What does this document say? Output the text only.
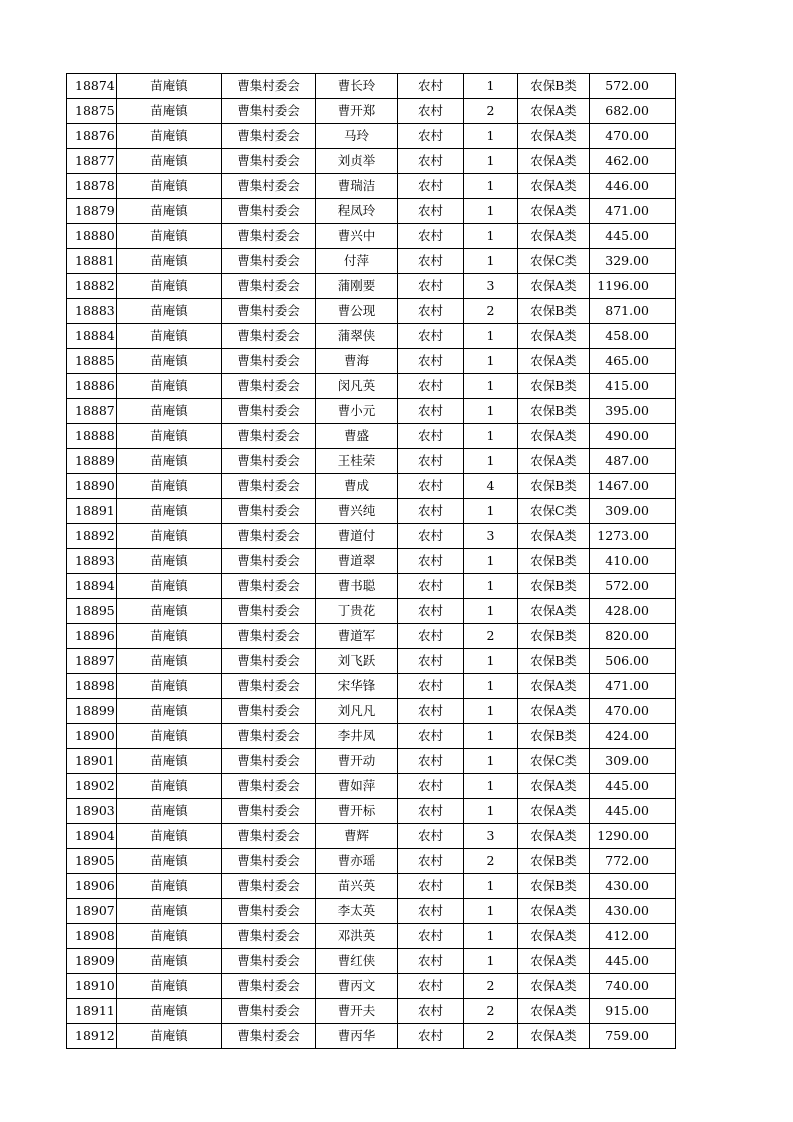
18874	苗庵镇	曹集村委会	曹长玲	农村	1	农保B类	572.00
18875	苗庵镇	曹集村委会	曹开郑	农村	2	农保A类	682.00
18876	苗庵镇	曹集村委会	马玲	农村	1	农保A类	470.00
18877	苗庵镇	曹集村委会	刘贞举	农村	1	农保A类	462.00
18878	苗庵镇	曹集村委会	曹瑞洁	农村	1	农保A类	446.00
18879	苗庵镇	曹集村委会	程凤玲	农村	1	农保A类	471.00
18880	苗庵镇	曹集村委会	曹兴中	农村	1	农保A类	445.00
18881	苗庵镇	曹集村委会	付萍	农村	1	农保C类	329.00
18882	苗庵镇	曹集村委会	蒲刚要	农村	3	农保A类	1196.00
18883	苗庵镇	曹集村委会	曹公现	农村	2	农保B类	871.00
18884	苗庵镇	曹集村委会	蒲翠侠	农村	1	农保A类	458.00
18885	苗庵镇	曹集村委会	曹海	农村	1	农保A类	465.00
18886	苗庵镇	曹集村委会	闵凡英	农村	1	农保B类	415.00
18887	苗庵镇	曹集村委会	曹小元	农村	1	农保B类	395.00
18888	苗庵镇	曹集村委会	曹盛	农村	1	农保A类	490.00
18889	苗庵镇	曹集村委会	王桂荣	农村	1	农保A类	487.00
18890	苗庵镇	曹集村委会	曹成	农村	4	农保B类	1467.00
18891	苗庵镇	曹集村委会	曹兴纯	农村	1	农保C类	309.00
18892	苗庵镇	曹集村委会	曹道付	农村	3	农保A类	1273.00
18893	苗庵镇	曹集村委会	曹道翠	农村	1	农保B类	410.00
18894	苗庵镇	曹集村委会	曹书聪	农村	1	农保B类	572.00
18895	苗庵镇	曹集村委会	丁贵花	农村	1	农保A类	428.00
18896	苗庵镇	曹集村委会	曹道军	农村	2	农保B类	820.00
18897	苗庵镇	曹集村委会	刘飞跃	农村	1	农保B类	506.00
18898	苗庵镇	曹集村委会	宋华锋	农村	1	农保A类	471.00
18899	苗庵镇	曹集村委会	刘凡凡	农村	1	农保A类	470.00
18900	苗庵镇	曹集村委会	李井凤	农村	1	农保B类	424.00
18901	苗庵镇	曹集村委会	曹开动	农村	1	农保C类	309.00
18902	苗庵镇	曹集村委会	曹如萍	农村	1	农保A类	445.00
18903	苗庵镇	曹集村委会	曹开标	农村	1	农保A类	445.00
18904	苗庵镇	曹集村委会	曹辉	农村	3	农保A类	1290.00
18905	苗庵镇	曹集村委会	曹亦瑶	农村	2	农保B类	772.00
18906	苗庵镇	曹集村委会	苗兴英	农村	1	农保B类	430.00
18907	苗庵镇	曹集村委会	李太英	农村	1	农保A类	430.00
18908	苗庵镇	曹集村委会	邓洪英	农村	1	农保A类	412.00
18909	苗庵镇	曹集村委会	曹红侠	农村	1	农保A类	445.00
18910	苗庵镇	曹集村委会	曹丙文	农村	2	农保A类	740.00
18911	苗庵镇	曹集村委会	曹开夫	农村	2	农保A类	915.00
18912	苗庵镇	曹集村委会	曹丙华	农村	2	农保A类	759.00
